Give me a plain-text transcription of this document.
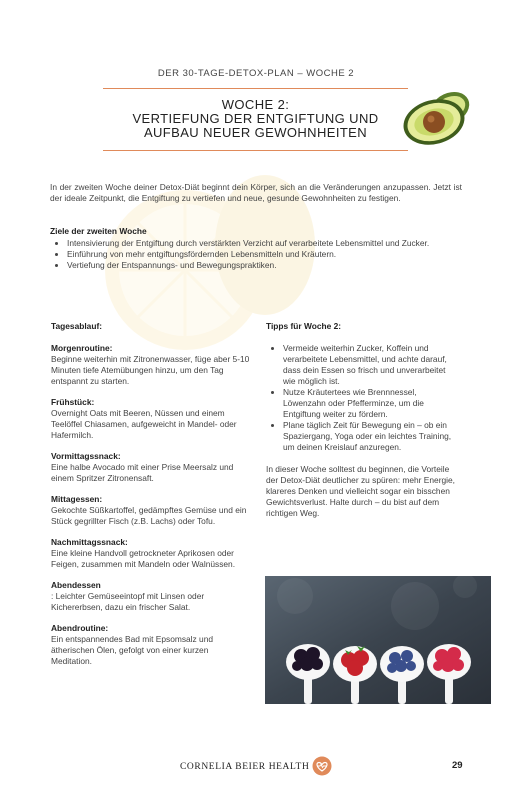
DER 30-TAGE-DETOX-PLAN – WOCHE 2
WOCHE 2:
VERTIEFUNG DER ENTGIFTUNG UND
AUFBAU NEUER GEWOHNHEITEN

In der zweiten Woche deiner Detox-Diät beginnt dein Körper, sich an die Veränderungen anzupassen. Jetzt ist der ideale Zeitpunkt, die Entgiftung zu vertiefen und neue, gesunde Gewohnheiten zu festigen.

Ziele der zweiten Woche

• Intensivierung der Entgiftung durch verstärkten Verzicht auf verarbeitete Lebensmittel und Zucker.
• Einführung von mehr entgiftungsfördernden Lebensmitteln und Kräutern.
• Vertiefung der Entspannungs- und Bewegungspraktiken.
Tagesablauf:
Morgenroutine:

Beginne weiterhin mit Zitronenwasser, füge aber 5-10 Minuten tiefe Atemübungen hinzu, um den Tag entspannt zu starten.

Frühstück:

Overnight Oats mit Beeren, Nüssen und einem Teelöffel Chiasamen, aufgeweicht in Mandel- oder Hafermilch.

Vormittagssnack:

Eine halbe Avocado mit einer Prise Meersalz und einem Spritzer Zitronensaft.

Mittagessen:

Gekochte Süßkartoffel, gedämpftes Gemüse und ein Stück gegrillter Fisch (z.B. Lachs) oder Tofu.

Nachmittagssnack:

Eine kleine Handvoll getrockneter Aprikosen oder Feigen, zusammen mit Mandeln oder Walnüssen.

Abendessen

: Leichter Gemüseeintopf mit Linsen oder Kichererbsen, dazu ein frischer Salat.

Abendroutine:

Ein entspannendes Bad mit Epsomsalz und ätherischen Ölen, gefolgt von einer kurzen Meditation.

Tipps für Woche 2:
• Vermeide weiterhin Zucker, Koffein und verarbeitete Lebensmittel, und achte darauf, dass dein Essen so frisch und unverarbeitet wie möglich ist.
• Nutze Kräutertees wie Brennnessel, Löwenzahn oder Pfefferminze, um die Entgiftung weiter zu fördern.
• Plane täglich Zeit für Bewegung ein – ob ein Spaziergang, Yoga oder ein leichtes Training, um deinen Kreislauf anzuregen.

In dieser Woche solltest du beginnen, die Vorteile der Detox-Diät deutlicher zu spüren: mehr Energie, klareres Denken und vielleicht sogar ein bisschen Gewichtsverlust. Halte durch – du bist auf dem richtigen Weg.

CORNELIA BEIER HEALTH	29
